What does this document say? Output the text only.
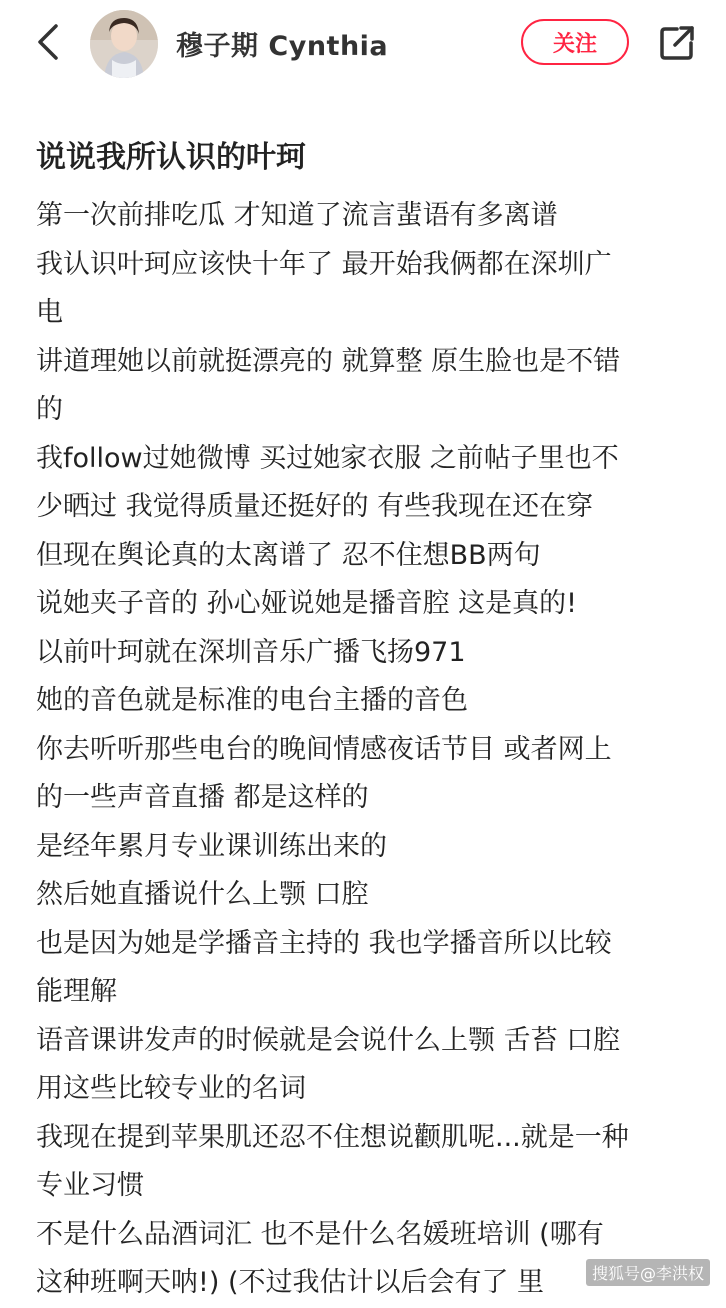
穆子期 Cynthia	关注
说说我所认识的叶珂
第一次前排吃瓜 才知道了流言蜚语有多离谱
我认识叶珂应该快十年了 最开始我俩都在深圳广
电
讲道理她以前就挺漂亮的 就算整 原生脸也是不错
的
我follow过她微博 买过她家衣服 之前帖子里也不
少晒过 我觉得质量还挺好的 有些我现在还在穿
但现在舆论真的太离谱了 忍不住想BB两句
说她夹子音的 孙心娅说她是播音腔 这是真的!
以前叶珂就在深圳音乐广播飞扬971
她的音色就是标准的电台主播的音色
你去听听那些电台的晚间情感夜话节目 或者网上
的一些声音直播 都是这样的
是经年累月专业课训练出来的
然后她直播说什么上颚 口腔
也是因为她是学播音主持的 我也学播音所以比较
能理解
语音课讲发声的时候就是会说什么上颚 舌苔 口腔
用这些比较专业的名词
我现在提到苹果肌还忍不住想说颧肌呢...就是一种
专业习惯
不是什么品酒词汇 也不是什么名媛班培训 (哪有
这种班啊天呐!) (不过我估计以后会有了 里	搜狐号@李洪权
